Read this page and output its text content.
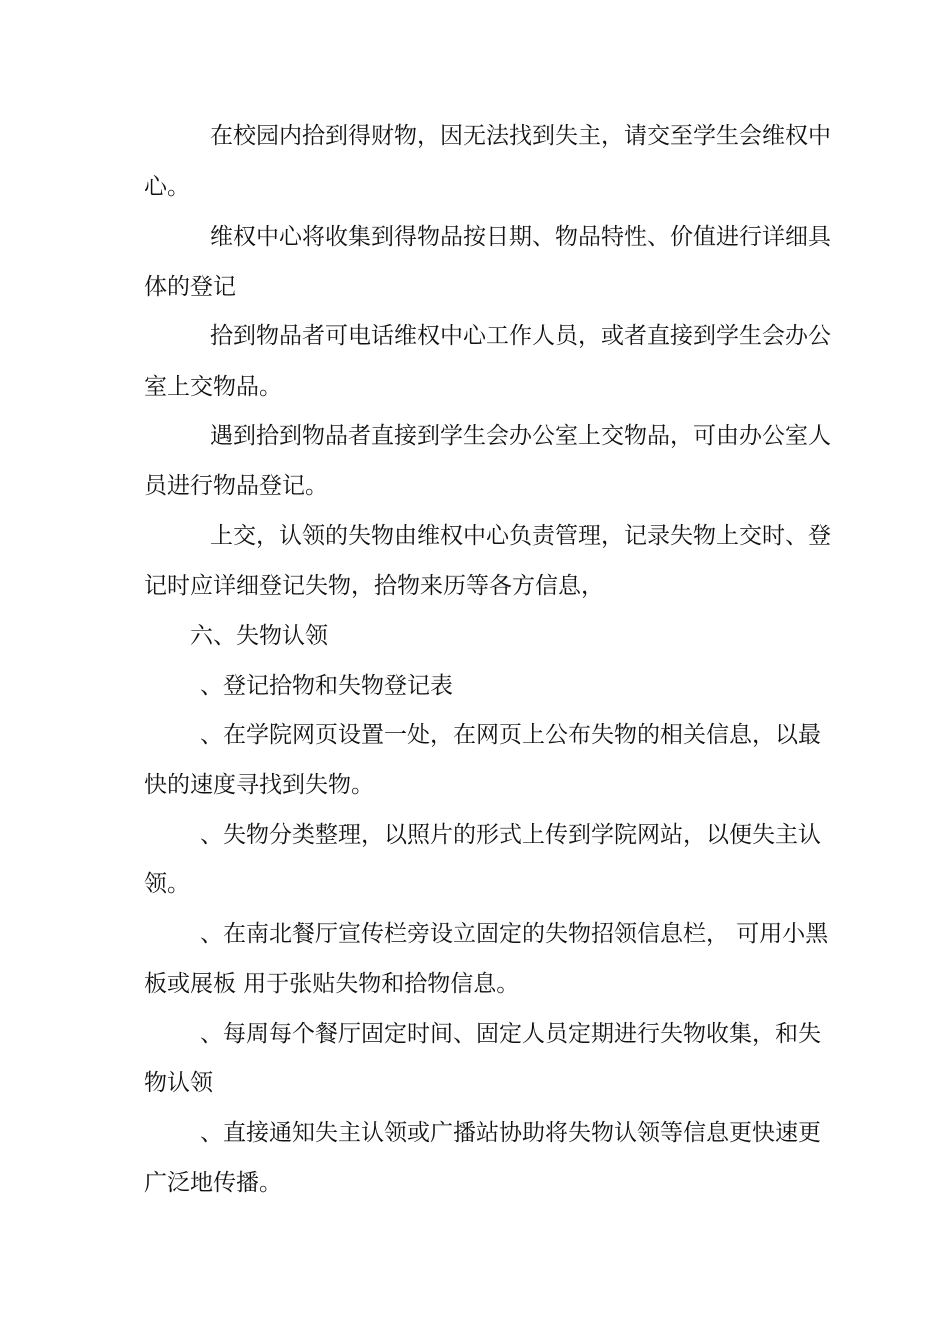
在校园内拾到得财物，因无法找到失主，请交至学生会维权中
心。
维权中心将收集到得物品按日期、物品特性、价值进行详细具
体的登记
拾到物品者可电话维权中心工作人员，或者直接到学生会办公
室上交物品。
遇到拾到物品者直接到学生会办公室上交物品，可由办公室人
员进行物品登记。
上交，认领的失物由维权中心负责管理，记录失物上交时、登
记时应详细登记失物，拾物来历等各方信息，
六、失物认领
、登记拾物和失物登记表
、在学院网页设置一处，在网页上公布失物的相关信息，以最
快的速度寻找到失物。
、失物分类整理，以照片的形式上传到学院网站，以便失主认
领。
、在南北餐厅宣传栏旁设立固定的失物招领信息栏， 可用小黑
板或展板 用于张贴失物和拾物信息。
、每周每个餐厅固定时间、固定人员定期进行失物收集，和失
物认领
、直接通知失主认领或广播站协助将失物认领等信息更快速更
广泛地传播。
